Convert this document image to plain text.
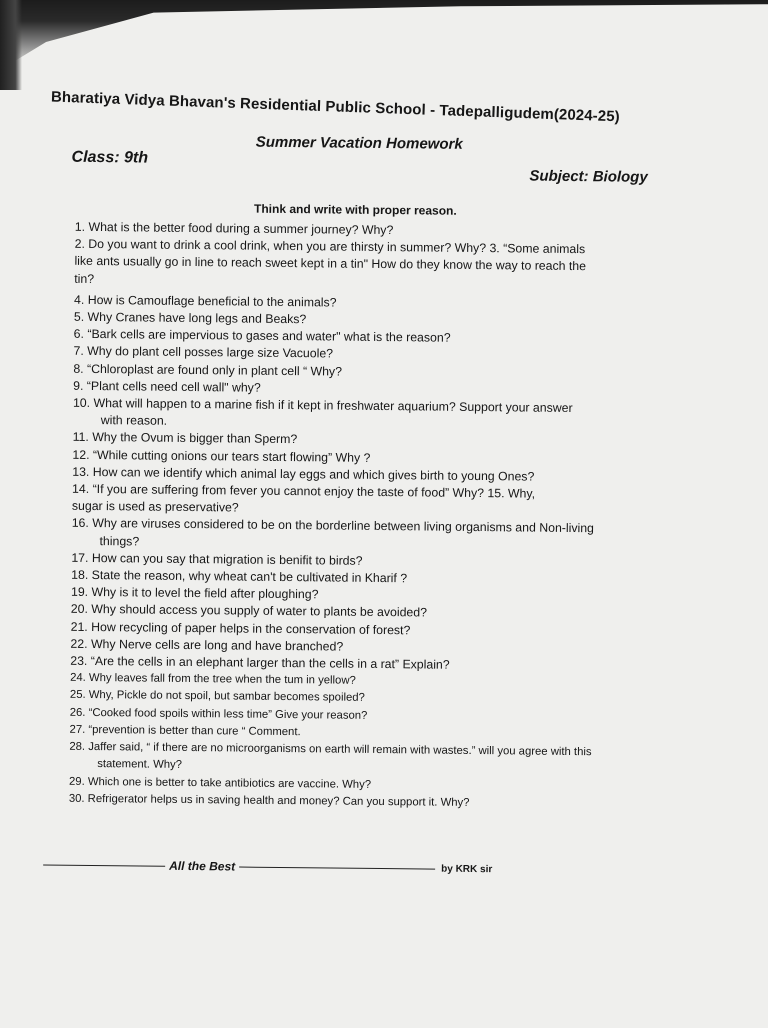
Bharatiya Vidya Bhavan's Residential Public School - Tadepalligudem(2024-25)
Summer Vacation Homework
Class: 9th
Subject: Biology
Think and write with proper reason.
1. What is the better food during a summer journey? Why?
2. Do you want to drink a cool drink, when you are thirsty in summer? Why? 3. “Some animals
like ants usually go in line to reach sweet kept in a tin" How do they know the way to reach the
tin?
4. How is Camouflage beneficial to the animals?
5. Why Cranes have long legs and Beaks?
6. “Bark cells are impervious to gases and water" what is the reason?
7. Why do plant cell posses large size Vacuole?
8. “Chloroplast are found only in plant cell “ Why?
9. “Plant cells need cell wall" why?
10. What will happen to a marine fish if it kept in freshwater aquarium? Support your answer
with reason.
11. Why the Ovum is bigger than Sperm?
12. “While cutting onions our tears start flowing” Why ?
13. How can we identify which animal lay eggs and which gives birth to young Ones?
14. “If you are suffering from fever you cannot enjoy the taste of food” Why? 15. Why,
sugar is used as preservative?
16. Why are viruses considered to be on the borderline between living organisms and Non-living
things?
17. How can you say that migration is benifit to birds?
18. State the reason, why wheat can't be cultivated in Kharif ?
19. Why is it to level the field after ploughing?
20. Why should access you supply of water to plants be avoided?
21. How recycling of paper helps in the conservation of forest?
22. Why Nerve cells are long and have branched?
23. “Are the cells in an elephant larger than the cells in a rat” Explain?
24. Why leaves fall from the tree when the tum in yellow?
25. Why, Pickle do not spoil, but sambar becomes spoiled?
26. “Cooked food spoils within less time” Give your reason?
27. “prevention is better than cure “ Comment.
28. Jaffer said, “ if there are no microorganisms on earth will remain with wastes.” will you agree with this
statement. Why?
29. Which one is better to take antibiotics are vaccine. Why?
30. Refrigerator helps us in saving health and money? Can you support it. Why?
All the Best	by KRK sir
